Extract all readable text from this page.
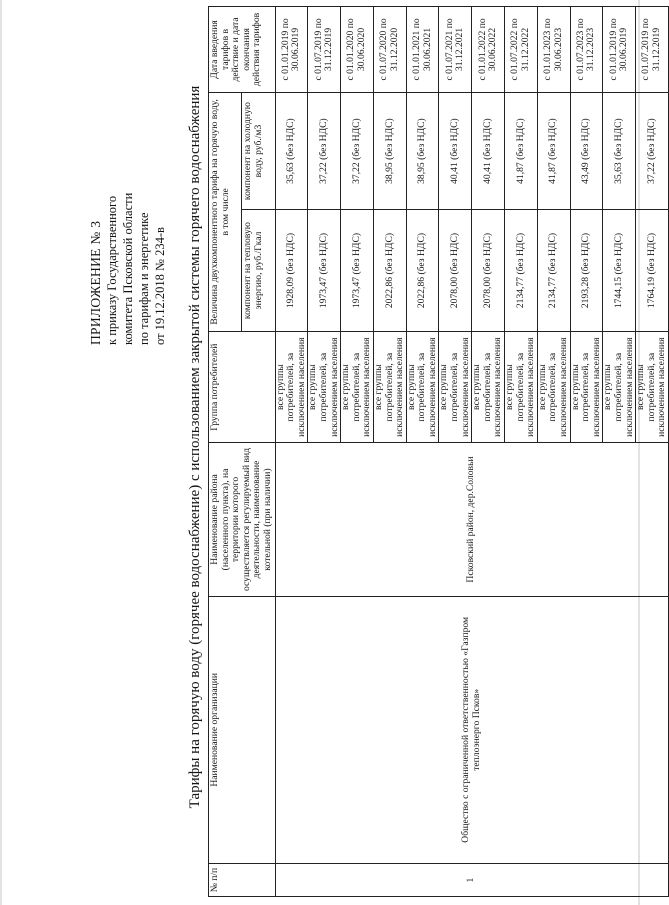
ПРИЛОЖЕНИЕ № 3 к приказу Государственного комитета Псковской области по тарифам и энергетике от 19.12.2018 № 234-в Тарифы на горячую воду (горячее водоснабжение) с использованием закрытой системы горячего водоснабжения
№ п/п	Наименование организации	Наименование района (населенного пункта), на территории которого осуществляется регулируемый вид деятельности, наименование котельной (при наличии)	Группа потребителей	Величина двухкомпонентного тарифа на горячую воду, в том числе		Дата введения тарифов в действие и дата окончания действия тарифов
				компонент на тепловую энергию, руб./Гкал	компонент на холодную воду, руб./м3	
1	Общество с ограниченной ответственностью «Газпром теплоэнерго Псков»	Псковский район, дер.Соловьи	все группы потребителей, за исключением населения	1928,09 (без НДС)	35,63 (без НДС)	с 01.01.2019 по 30.06.2019
			все группы потребителей, за исключением населения	1973,47 (без НДС)	37,22 (без НДС)	с 01.07.2019 по 31.12.2019
			все группы потребителей, за исключением населения	1973,47 (без НДС)	37,22 (без НДС)	с 01.01.2020 по 30.06.2020
			все группы потребителей, за исключением населения	2022,86 (без НДС)	38,95 (без НДС)	с 01.07.2020 по 31.12.2020
			все группы потребителей, за исключением населения	2022,86 (без НДС)	38,95 (без НДС)	с 01.01.2021 по 30.06.2021
			все группы потребителей, за исключением населения	2078,00 (без НДС)	40,41 (без НДС)	с 01.07.2021 по 31.12.2021
			все группы потребителей, за исключением населения	2078,00 (без НДС)	40,41 (без НДС)	с 01.01.2022 по 30.06.2022
			все группы потребителей, за исключением населения	2134,77 (без НДС)	41,87 (без НДС)	с 01.07.2022 по 31.12.2022
			все группы потребителей, за исключением населения	2134,77 (без НДС)	41,87 (без НДС)	с 01.01.2023 по 30.06.2023
			все группы потребителей, за исключением населения	2193,28 (без НДС)	43,49 (без НДС)	с 01.07.2023 по 31.12.2023
			все группы потребителей, за исключением населения	1744,15 (без НДС)	35,63 (без НДС)	с 01.01.2019 по 30.06.2019
			все группы потребителей, за исключением населения	1764,19 (без НДС)	37,22 (без НДС)	с 01.07.2019 по 31.12.2019
